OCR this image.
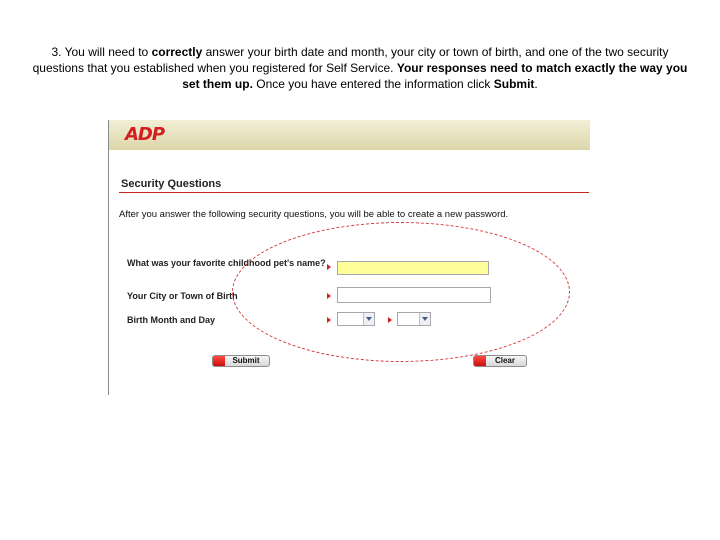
3. You will need to correctly answer your birth date and month, your city or town of birth, and one of the two security questions that you established when you registered for Self Service. Your responses need to match exactly the way you set them up. Once you have entered the information click Submit.
ADP
Security Questions
After you answer the following security questions, you will be able to create a new password.
What was your favorite childhood pet's name?
Your City or Town of Birth
Birth Month and Day
Submit	Clear
